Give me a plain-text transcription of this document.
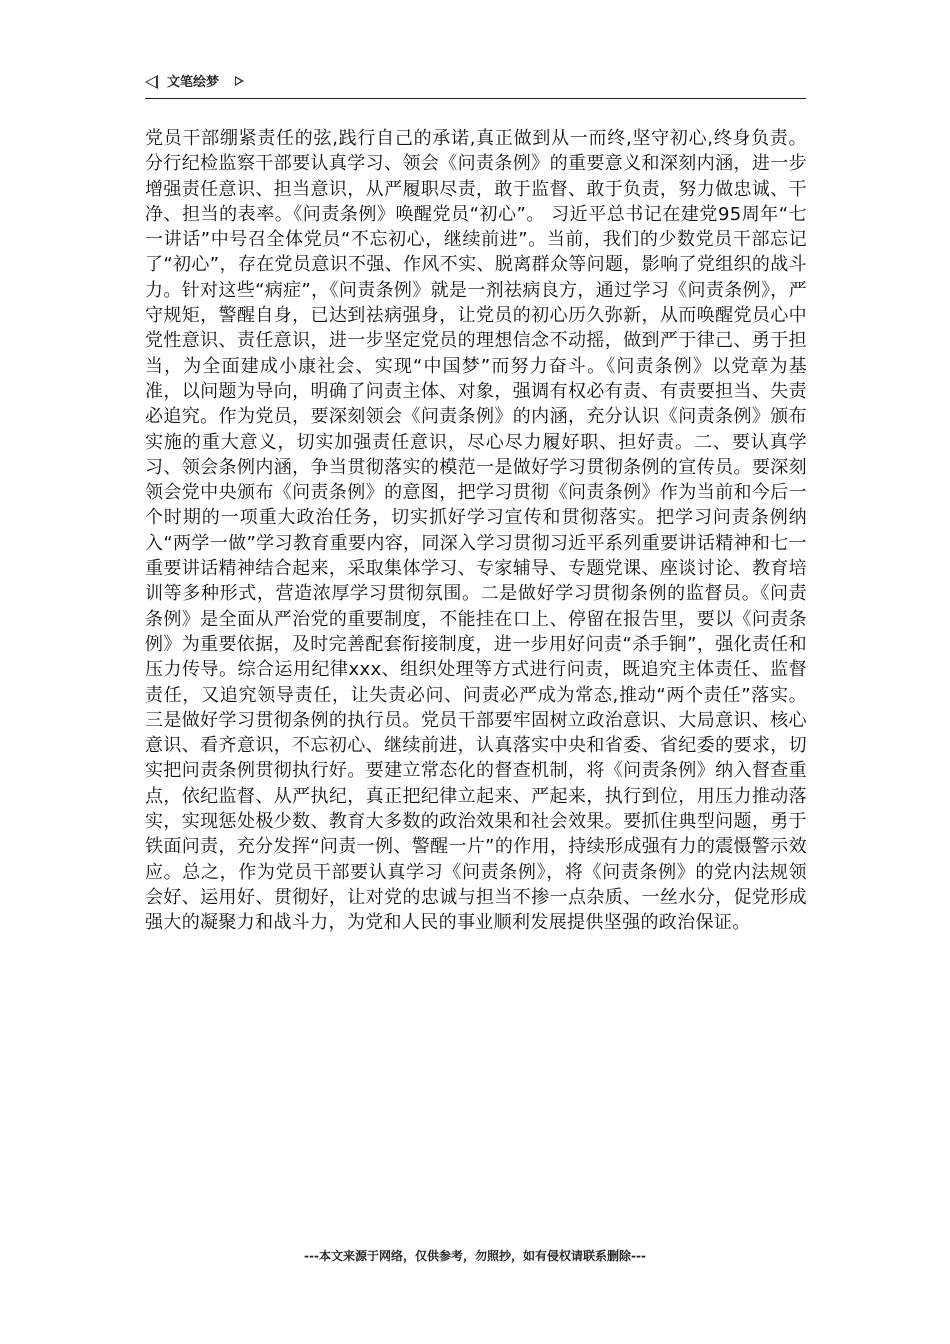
文笔绘梦

党员干部绷紧责任的弦,践行自己的承诺,真正做到从一而终,坚守初心,终身负责。分行纪检监察干部要认真学习、领会《问责条例》的重要意义和深刻内涵，进一步增强责任意识、担当意识，从严履职尽责，敢于监督、敢于负责，努力做忠诚、干净、担当的表率。《问责条例》唤醒党员“初心”。 习近平总书记在建党95周年“七一讲话”中号召全体党员“不忘初心，继续前进”。当前，我们的少数党员干部忘记了“初心”，存在党员意识不强、作风不实、脱离群众等问题，影响了党组织的战斗力。针对这些“病症”，《问责条例》就是一剂祛病良方，通过学习《问责条例》，严守规矩，警醒自身，已达到祛病强身，让党员的初心历久弥新，从而唤醒党员心中党性意识、责任意识，进一步坚定党员的理想信念不动摇，做到严于律己、勇于担当，为全面建成小康社会、实现“中国梦”而努力奋斗。《问责条例》以党章为基准，以问题为导向，明确了问责主体、对象，强调有权必有责、有责要担当、失责必追究。作为党员，要深刻领会《问责条例》的内涵，充分认识《问责条例》颁布实施的重大意义，切实加强责任意识，尽心尽力履好职、担好责。二、要认真学习、领会条例内涵，争当贯彻落实的模范一是做好学习贯彻条例的宣传员。要深刻领会党中央颁布《问责条例》的意图，把学习贯彻《问责条例》作为当前和今后一个时期的一项重大政治任务，切实抓好学习宣传和贯彻落实。把学习问责条例纳入“两学一做”学习教育重要内容，同深入学习贯彻习近平系列重要讲话精神和七一重要讲话精神结合起来，采取集体学习、专家辅导、专题党课、座谈讨论、教育培训等多种形式，营造浓厚学习贯彻氛围。二是做好学习贯彻条例的监督员。《问责条例》是全面从严治党的重要制度，不能挂在口上、停留在报告里，要以《问责条例》为重要依据，及时完善配套衔接制度，进一步用好问责“杀手锏”，强化责任和压力传导。综合运用纪律xxx、组织处理等方式进行问责，既追究主体责任、监督责任，又追究领导责任，让失责必问、问责必严成为常态,推动“两个责任”落实。三是做好学习贯彻条例的执行员。党员干部要牢固树立政治意识、大局意识、核心意识、看齐意识，不忘初心、继续前进，认真落实中央和省委、省纪委的要求，切实把问责条例贯彻执行好。要建立常态化的督查机制，将《问责条例》纳入督查重点，依纪监督、从严执纪，真正把纪律立起来、严起来，执行到位，用压力推动落实，实现惩处极少数、教育大多数的政治效果和社会效果。要抓住典型问题，勇于铁面问责，充分发挥“问责一例、警醒一片”的作用，持续形成强有力的震慑警示效应。总之，作为党员干部要认真学习《问责条例》，将《问责条例》的党内法规领会好、运用好、贯彻好，让对党的忠诚与担当不掺一点杂质、一丝水分，促党形成强大的凝聚力和战斗力，为党和人民的事业顺利发展提供坚强的政治保证。

---本文来源于网络，仅供参考，勿照抄，如有侵权请联系删除---
